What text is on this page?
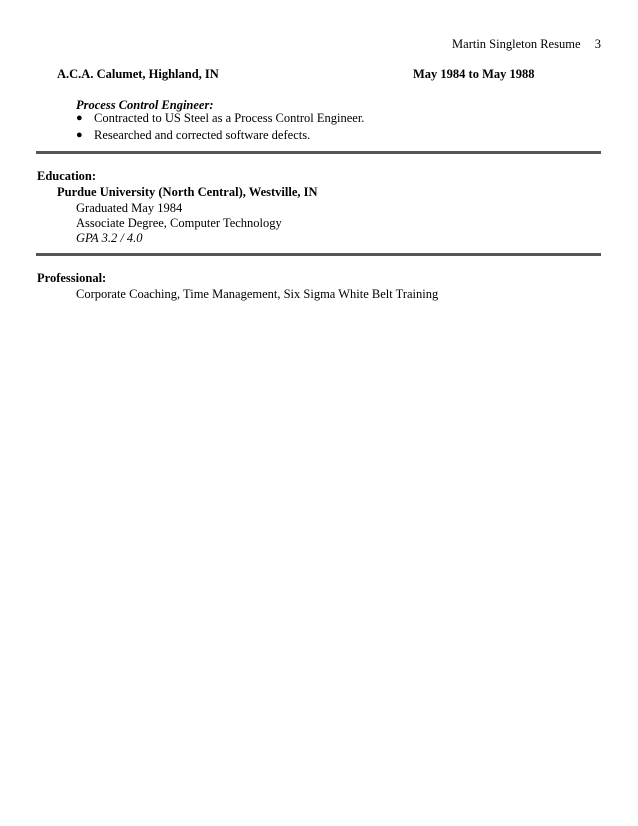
Martin Singleton Resume 3
A.C.A. Calumet, Highland, IN	May 1984 to May 1988
Process Control Engineer:
● Contracted to US Steel as a Process Control Engineer.
● Researched and corrected software defects.
Education:
Purdue University (North Central), Westville, IN
Graduated May 1984
Associate Degree, Computer Technology
GPA 3.2 / 4.0
Professional:
Corporate Coaching, Time Management, Six Sigma White Belt Training
